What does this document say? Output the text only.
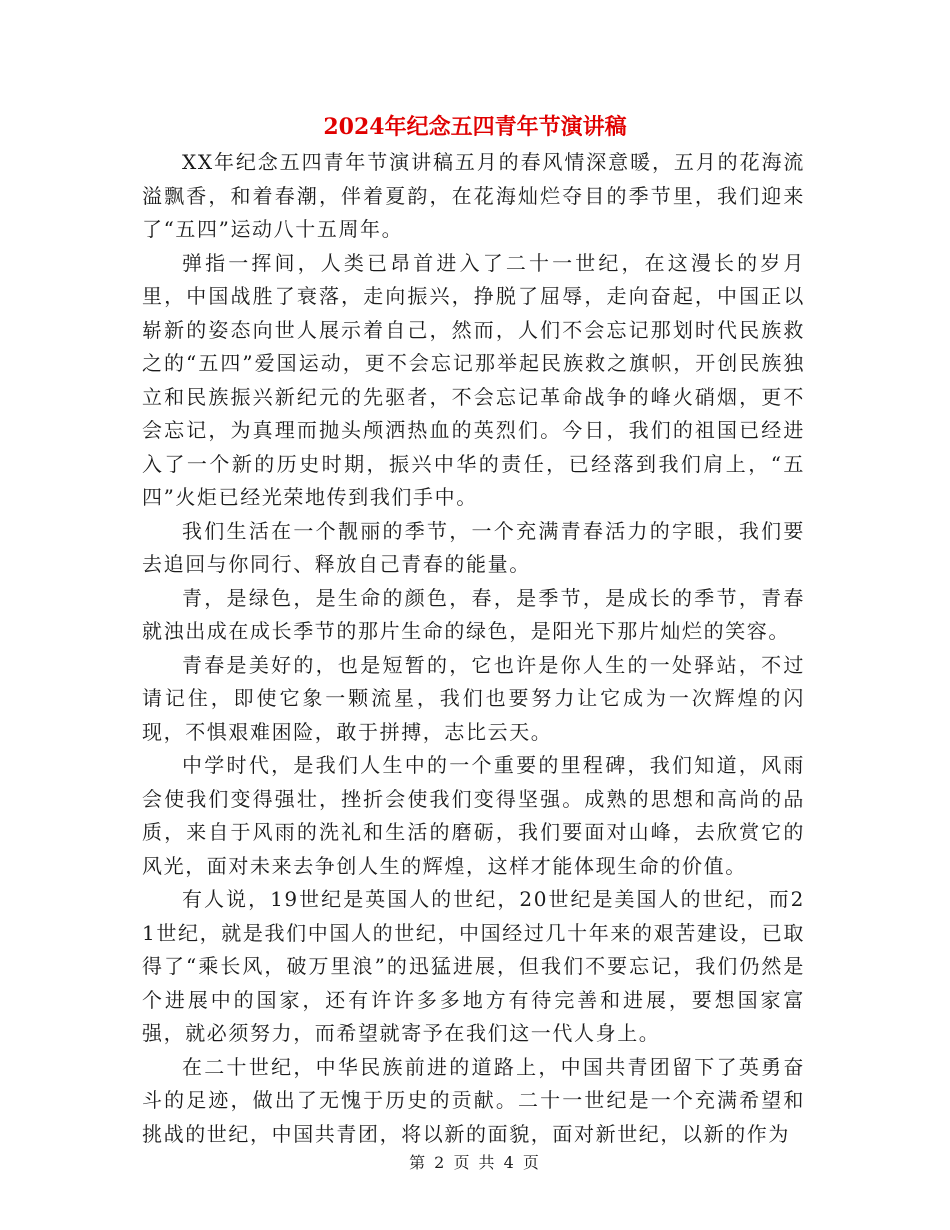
2024年纪念五四青年节演讲稿

XX年纪念五四青年节演讲稿五月的春风情深意暖，五月的花海流溢飘香，和着春潮，伴着夏韵，在花海灿烂夺目的季节里，我们迎来了“五四”运动八十五周年。

弹指一挥间，人类已昂首进入了二十一世纪，在这漫长的岁月里，中国战胜了衰落，走向振兴，挣脱了屈辱，走向奋起，中国正以崭新的姿态向世人展示着自己，然而，人们不会忘记那划时代民族救之的“五四”爱国运动，更不会忘记那举起民族救之旗帜，开创民族独立和民族振兴新纪元的先驱者，不会忘记革命战争的峰火硝烟，更不会忘记，为真理而抛头颅洒热血的英烈们。今日，我们的祖国已经进入了一个新的历史时期，振兴中华的责任，已经落到我们肩上，“五四”火炬已经光荣地传到我们手中。

我们生活在一个靓丽的季节，一个充满青春活力的字眼，我们要去追回与你同行、释放自己青春的能量。

青，是绿色，是生命的颜色，春，是季节，是成长的季节，青春就浊出成在成长季节的那片生命的绿色，是阳光下那片灿烂的笑容。

青春是美好的，也是短暂的，它也许是你人生的一处驿站，不过请记住，即使它象一颗流星，我们也要努力让它成为一次辉煌的闪现，不惧艰难困险，敢于拼搏，志比云天。

中学时代，是我们人生中的一个重要的里程碑，我们知道，风雨会使我们变得强壮，挫折会使我们变得坚强。成熟的思想和高尚的品质，来自于风雨的洗礼和生活的磨砺，我们要面对山峰，去欣赏它的风光，面对未来去争创人生的辉煌，这样才能体现生命的价值。

有人说，19世纪是英国人的世纪，20世纪是美国人的世纪，而21世纪，就是我们中国人的世纪，中国经过几十年来的艰苦建设，已取得了“乘长风，破万里浪”的迅猛进展，但我们不要忘记，我们仍然是个进展中的国家，还有许许多多地方有待完善和进展，要想国家富强，就必须努力，而希望就寄予在我们这一代人身上。

在二十世纪，中华民族前进的道路上，中国共青团留下了英勇奋斗的足迹，做出了无愧于历史的贡献。二十一世纪是一个充满希望和挑战的世纪，中国共青团，将以新的面貌，面对新世纪，以新的作为

第 2 页 共 4 页
